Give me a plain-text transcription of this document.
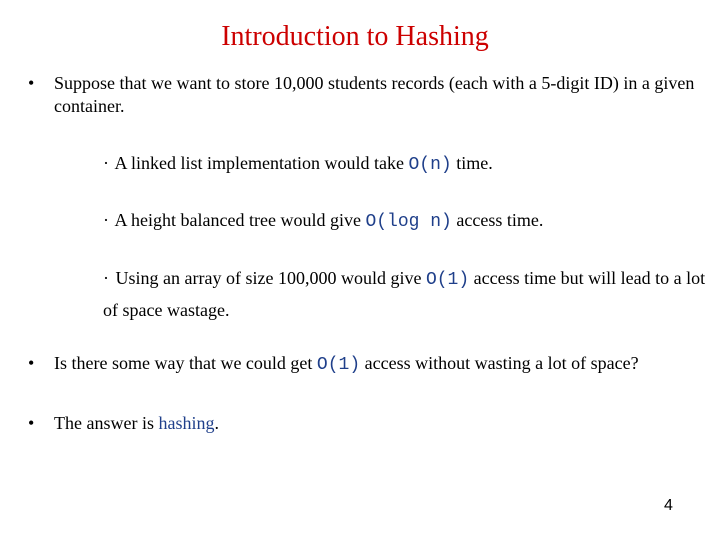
Introduction to Hashing
•	Suppose that we want to store 10,000 students records (each with a 5-digit ID) in a given container.
· A linked list implementation would take O(n) time.
· A height balanced tree would give O(log n) access time.
· Using an array of size 100,000 would give O(1) access time but will lead to a lot of space wastage.
•	Is there some way that we could get O(1) access without wasting a lot of space?
•	The answer is hashing.
4
